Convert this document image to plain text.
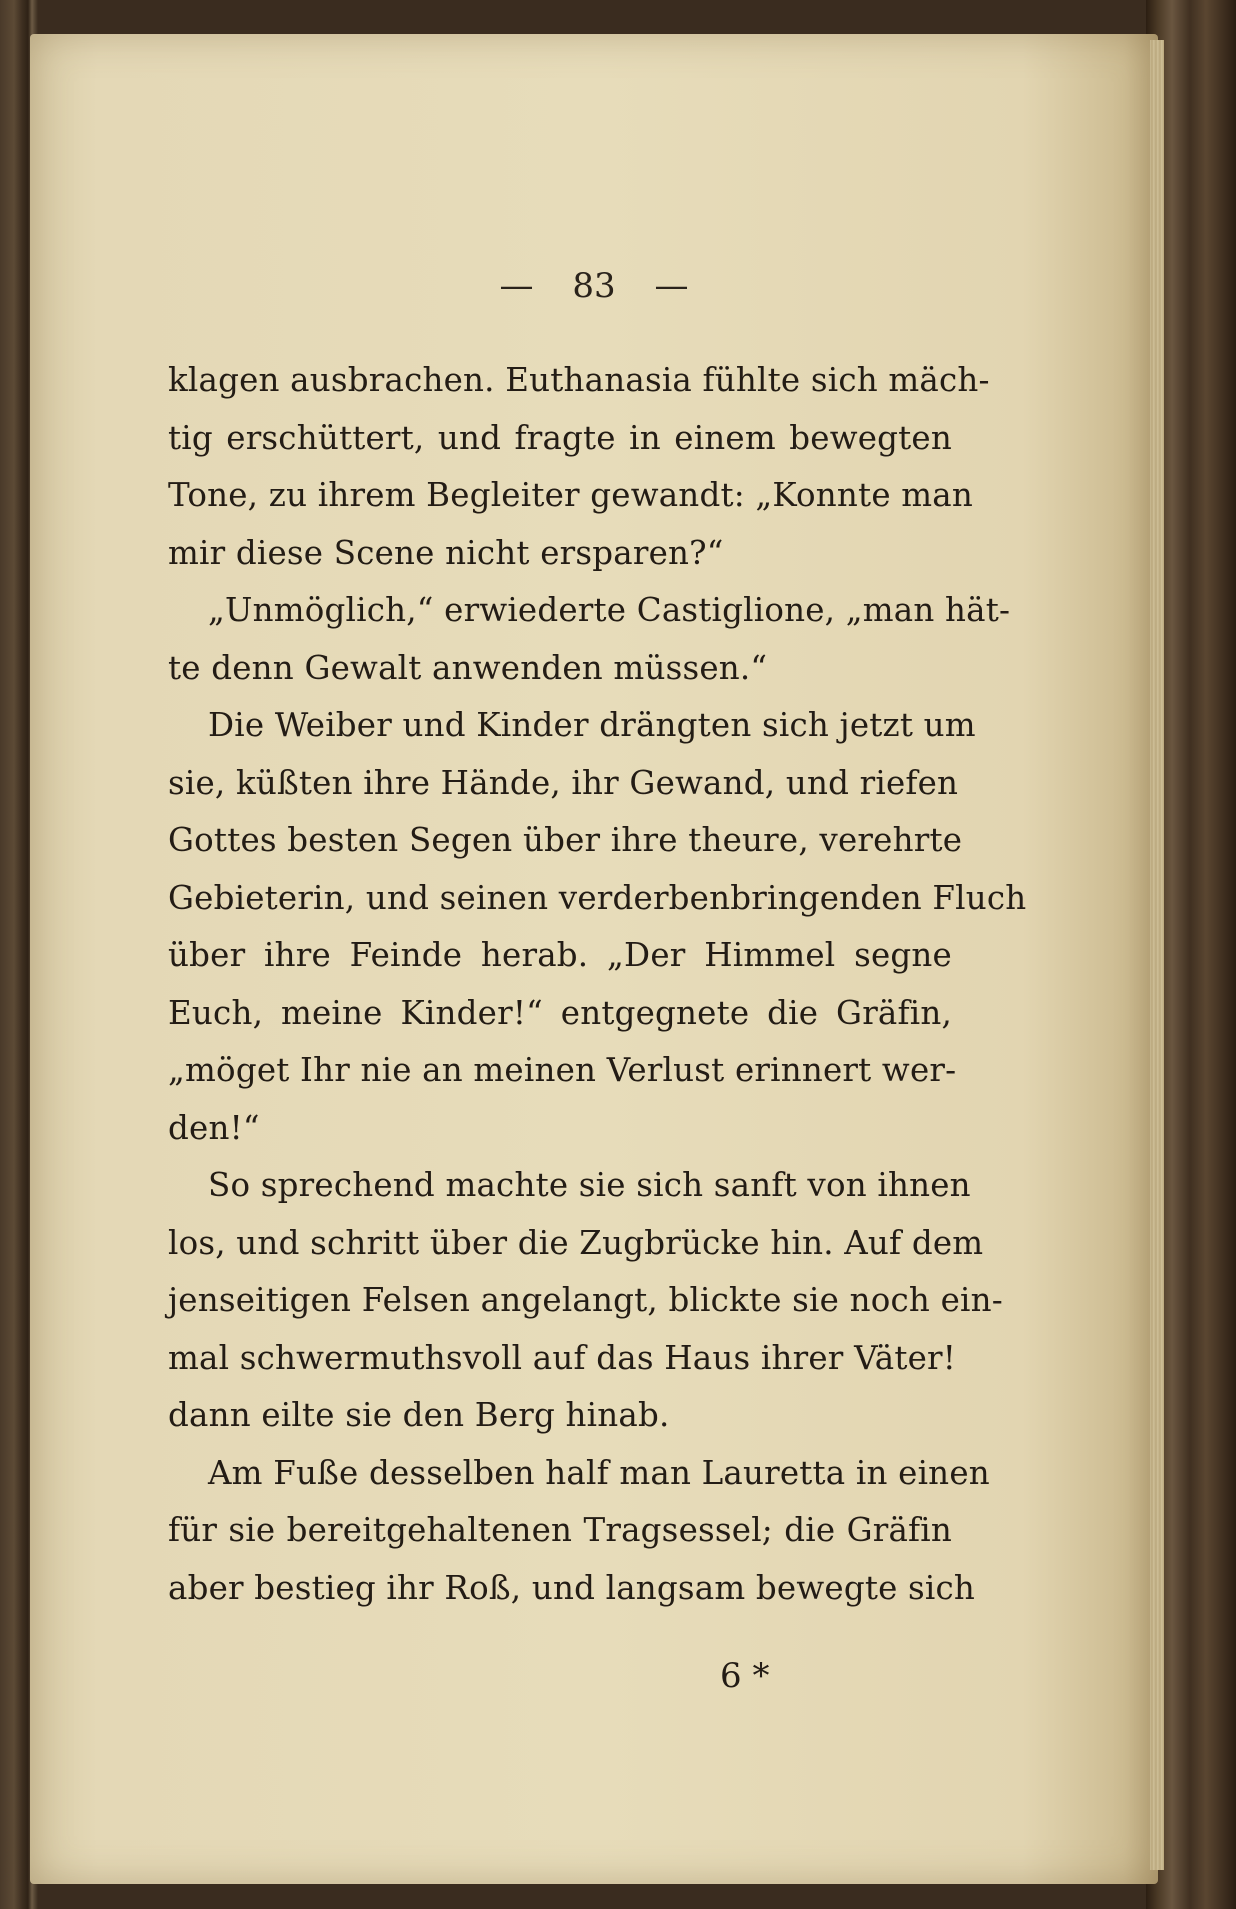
— 83 —
klagen ausbrachen. Euthanasia fühlte sich mäch-
tig erschüttert, und fragte in einem bewegten
Tone, zu ihrem Begleiter gewandt: „Konnte man
mir diese Scene nicht ersparen?“
„Unmöglich,“ erwiederte Castiglione, „man hät-
te denn Gewalt anwenden müssen.“
Die Weiber und Kinder drängten sich jetzt um
sie, küßten ihre Hände, ihr Gewand, und riefen
Gottes besten Segen über ihre theure, verehrte
Gebieterin, und seinen verderbenbringenden Fluch
über ihre Feinde herab. „Der Himmel segne
Euch, meine Kinder!“ entgegnete die Gräfin,
„möget Ihr nie an meinen Verlust erinnert wer-
den!“
So sprechend machte sie sich sanft von ihnen
los, und schritt über die Zugbrücke hin. Auf dem
jenseitigen Felsen angelangt, blickte sie noch ein-
mal schwermuthsvoll auf das Haus ihrer Väter!
dann eilte sie den Berg hinab.
Am Fuße desselben half man Lauretta in einen
für sie bereitgehaltenen Tragsessel; die Gräfin
aber bestieg ihr Roß, und langsam bewegte sich
6 *
